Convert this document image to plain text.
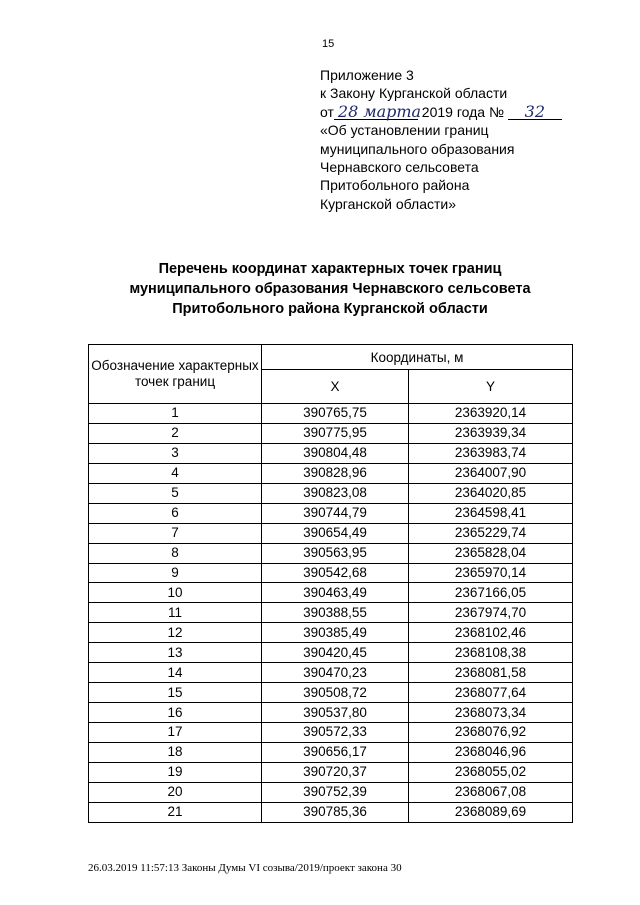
15
Приложение 3
к Закону Курганской области
от 28 марта 2019 года № 32
«Об установлении границ
муниципального образования
Чернавского сельсовета
Притобольного района
Курганской области»
Перечень координат характерных точек границ
муниципального образования Чернавского сельсовета
Притобольного района Курганской области
Обозначение характерных точек границ	Координаты, м	
	X	Y
1	390765,75	2363920,14
2	390775,95	2363939,34
3	390804,48	2363983,74
4	390828,96	2364007,90
5	390823,08	2364020,85
6	390744,79	2364598,41
7	390654,49	2365229,74
8	390563,95	2365828,04
9	390542,68	2365970,14
10	390463,49	2367166,05
11	390388,55	2367974,70
12	390385,49	2368102,46
13	390420,45	2368108,38
14	390470,23	2368081,58
15	390508,72	2368077,64
16	390537,80	2368073,34
17	390572,33	2368076,92
18	390656,17	2368046,96
19	390720,37	2368055,02
20	390752,39	2368067,08
21	390785,36	2368089,69
26.03.2019 11:57:13 Законы Думы VI созыва/2019/проект закона 30
